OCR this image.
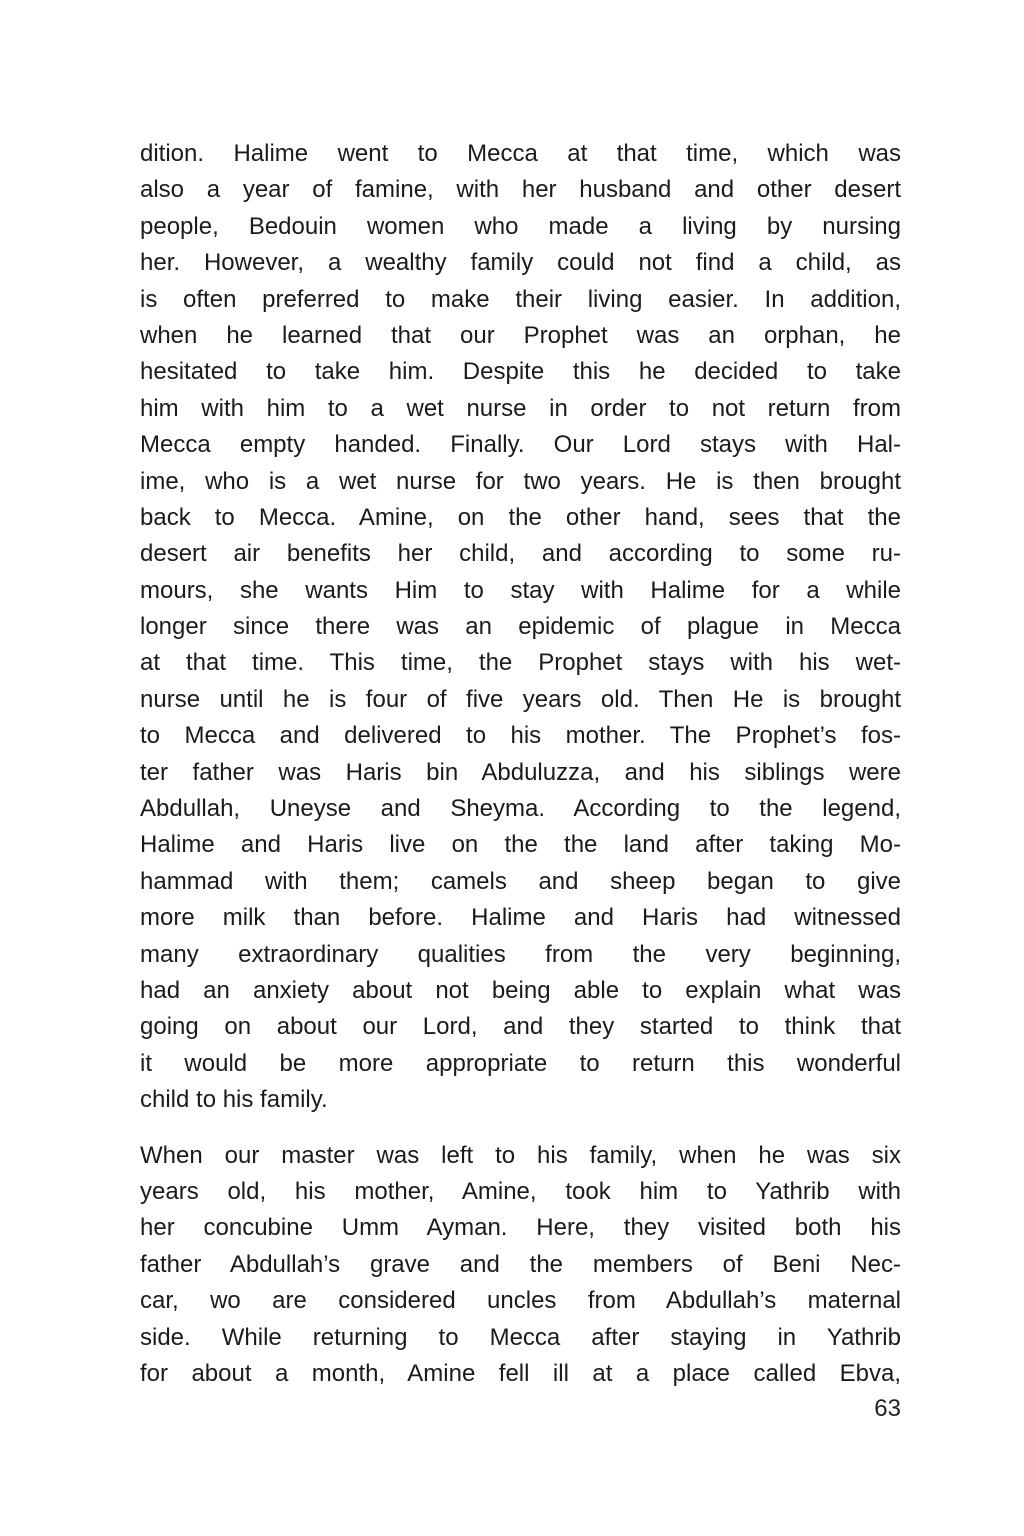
dition. Halime went to Mecca at that time, which was
also a year of famine, with her husband and other desert
people, Bedouin women who made a living by nursing
her. However, a wealthy family could not find a child, as
is often preferred to make their living easier. In addition,
when he learned that our Prophet was an orphan, he
hesitated to take him. Despite this he decided to take
him with him to a wet nurse in order to not return from
Mecca empty handed. Finally. Our Lord stays with Hal-
ime, who is a wet nurse for two years. He is then brought
back to Mecca. Amine, on the other hand, sees that the
desert air benefits her child, and according to some ru-
mours, she wants Him to stay with Halime for a while
longer since there was an epidemic of plague in Mecca
at that time. This time, the Prophet stays with his wet-
nurse until he is four of five years old. Then He is brought
to Mecca and delivered to his mother. The Prophet’s fos-
ter father was Haris bin Abduluzza, and his siblings were
Abdullah, Uneyse and Sheyma. According to the legend,
Halime and Haris live on the the land after taking Mo-
hammad with them; camels and sheep began to give
more milk than before. Halime and Haris had witnessed
many extraordinary qualities from the very beginning,
had an anxiety about not being able to explain what was
going on about our Lord, and they started to think that
it would be more appropriate to return this wonderful
child to his family.
When our master was left to his family, when he was six
years old, his mother, Amine, took him to Yathrib with
her concubine Umm Ayman. Here, they visited both his
father Abdullah’s grave and the members of Beni Nec-
car, wo are considered uncles from Abdullah’s maternal
side. While returning to Mecca after staying in Yathrib
for about a month, Amine fell ill at a place called Ebva,
63
